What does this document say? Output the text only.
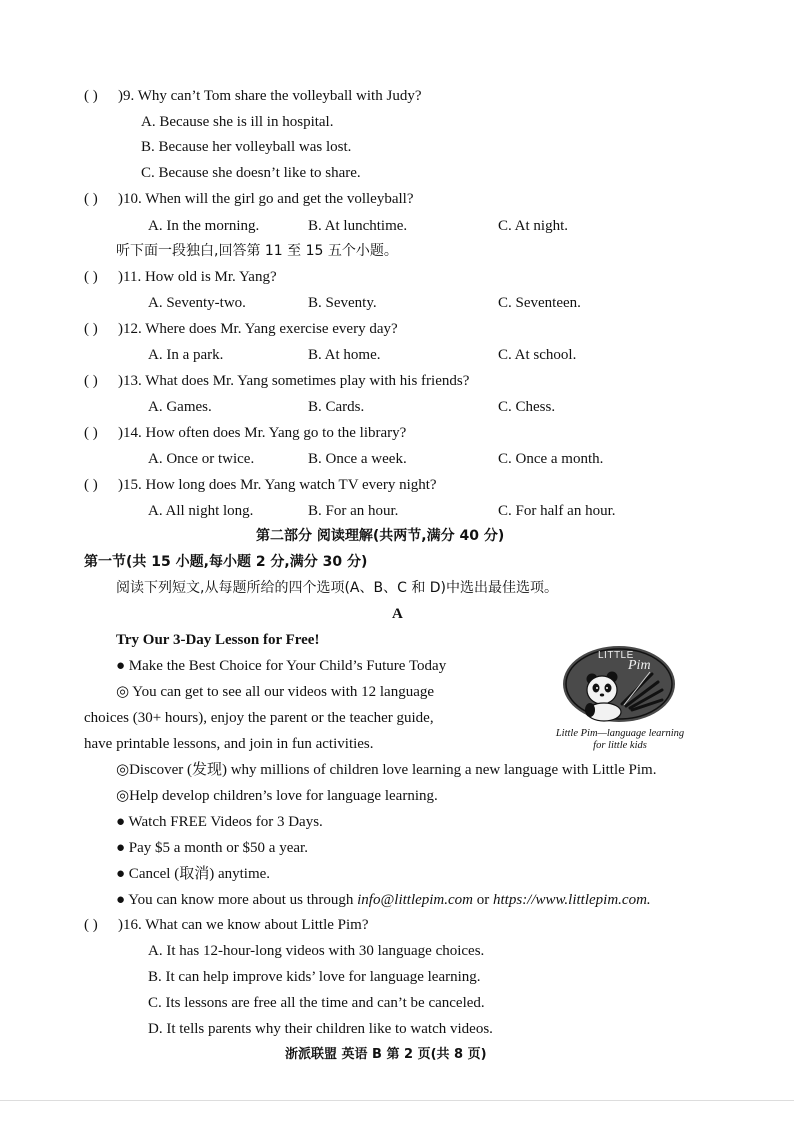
( ) )9. Why can’t Tom share the volleyball with Judy?
A. Because she is ill in hospital.
B. Because her volleyball was lost.
C. Because she doesn’t like to share.
( ) )10. When will the girl go and get the volleyball?
A. In the morning.	B. At lunchtime.	C. At night.
听下面一段独白,回答第 11 至 15 五个小题。
( ) )11. How old is Mr. Yang?
A. Seventy-two.	B. Seventy.	C. Seventeen.
( ) )12. Where does Mr. Yang exercise every day?
A. In a park.	B. At home.	C. At school.
( ) )13. What does Mr. Yang sometimes play with his friends?
A. Games.	B. Cards.	C. Chess.
( ) )14. How often does Mr. Yang go to the library?
A. Once or twice.	B. Once a week.	C. Once a month.
( ) )15. How long does Mr. Yang watch TV every night?
A. All night long.	B. For an hour.	C. For half an hour.
第二部分 阅读理解(共两节,满分 40 分)
第一节(共 15 小题,每小题 2 分,满分 30 分)
阅读下列短文,从每题所给的四个选项(A、B、C 和 D)中选出最佳选项。
A
Try Our 3-Day Lesson for Free!
● Make the Best Choice for Your Child’s Future Today
◎ You can get to see all our videos with 12 language
choices (30+ hours), enjoy the parent or the teacher guide,
have printable lessons, and join in fun activities.
◎Discover (发现) why millions of children love learning a new language with Little Pim.
◎Help develop children’s love for language learning.
● Watch FREE Videos for 3 Days.
● Pay $5 a month or $50 a year.
● Cancel (取消) anytime.
● You can know more about us through info@littlepim.com or https://www.littlepim.com.
LITTLE
Pim
Little Pim—language learning
for little kids
( ) )16. What can we know about Little Pim?
A. It has 12-hour-long videos with 30 language choices.
B. It can help improve kids’ love for language learning.
C. Its lessons are free all the time and can’t be canceled.
D. It tells parents why their children like to watch videos.
浙派联盟 英语 B 第 2 页(共 8 页)
